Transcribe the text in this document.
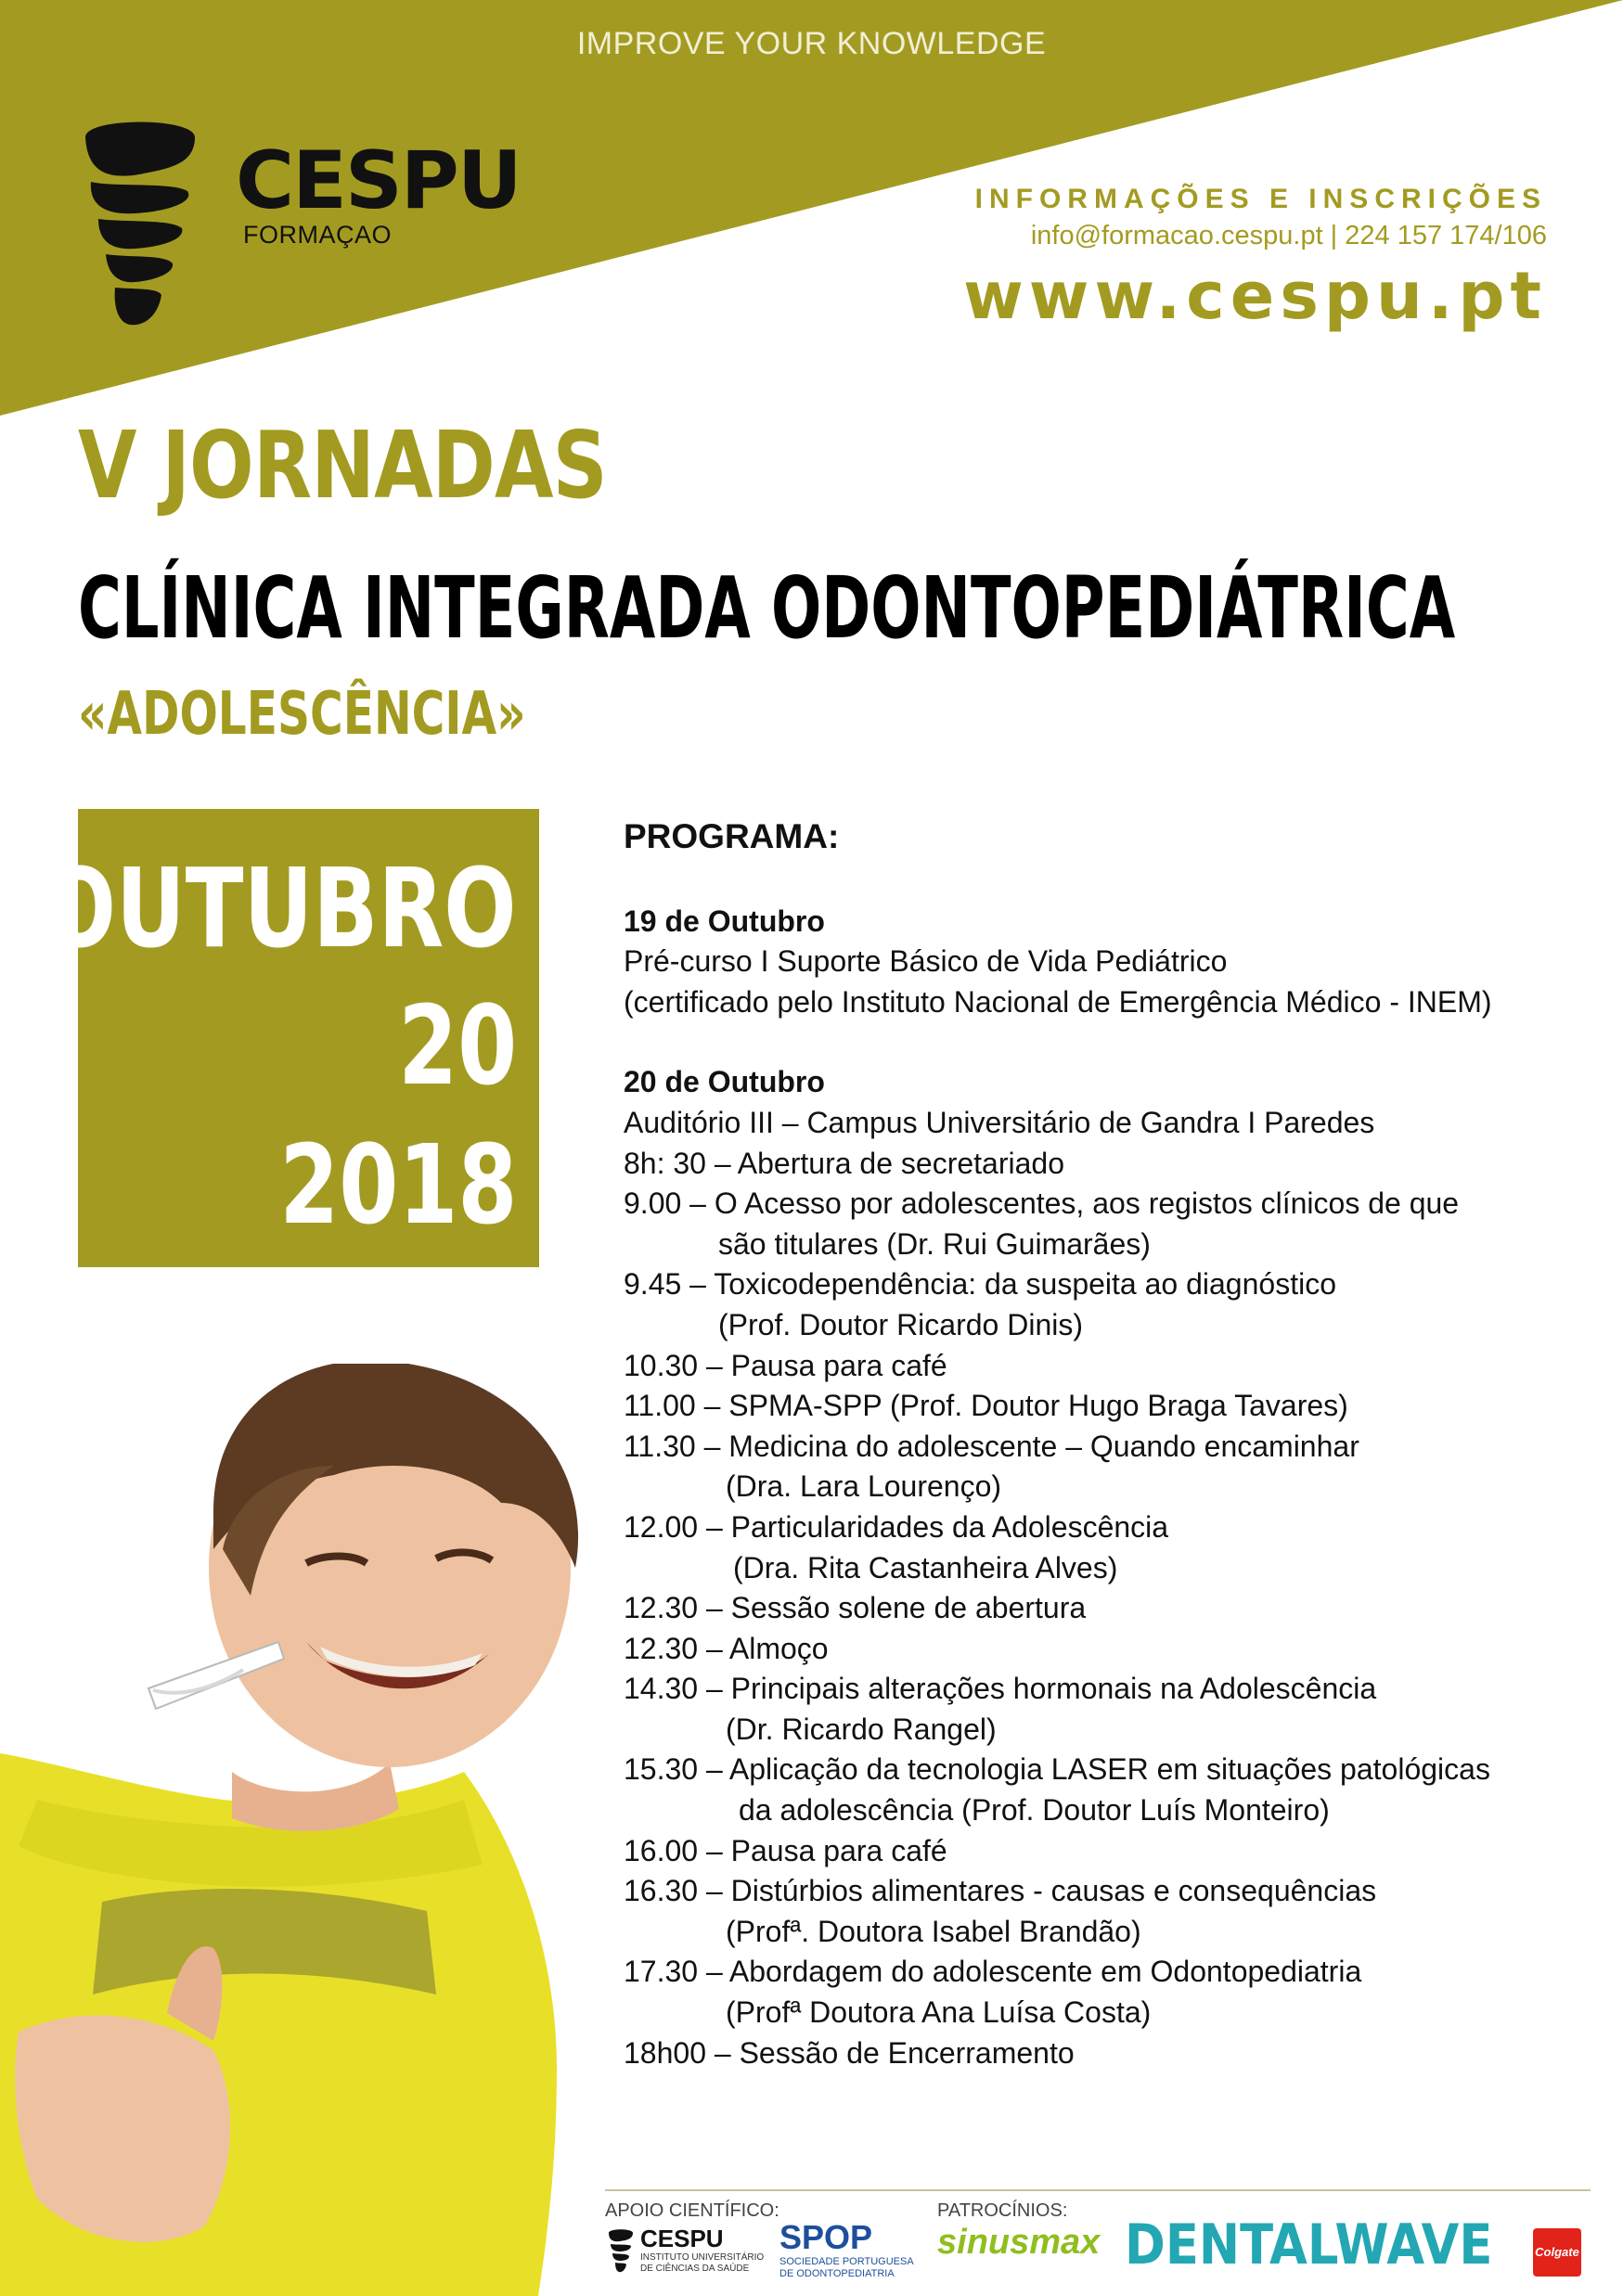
IMPROVE YOUR KNOWLEDGE
CESPU
FORMAÇAO
INFORMAÇÕES E INSCRIÇÕES
info@formacao.cespu.pt | 224 157 174/106
www.cespu.pt
V JORNADAS
CLÍNICA INTEGRADA ODONTOPEDIÁTRICA
«ADOLESCÊNCIA»
OUTUBRO
20
2018
PROGRAMA:
19 de Outubro
Pré-curso I Suporte Básico de Vida Pediátrico
(certificado pelo Instituto Nacional de Emergência Médico - INEM)
20 de Outubro
Auditório III – Campus Universitário de Gandra I Paredes
8h: 30 – Abertura de secretariado
9.00 – O Acesso por adolescentes, aos registos clínicos de que
são titulares (Dr. Rui Guimarães)
9.45 – Toxicodependência: da suspeita ao diagnóstico
(Prof. Doutor Ricardo Dinis)
10.30 – Pausa para café
11.00 – SPMA-SPP (Prof. Doutor Hugo Braga Tavares)
11.30 – Medicina do adolescente – Quando encaminhar
(Dra. Lara Lourenço)
12.00 – Particularidades da Adolescência
(Dra. Rita Castanheira Alves)
12.30 – Sessão solene de abertura
12.30 – Almoço
14.30 – Principais alterações hormonais na Adolescência
(Dr. Ricardo Rangel)
15.30 – Aplicação da tecnologia LASER em situações patológicas
da adolescência (Prof. Doutor Luís Monteiro)
16.00 – Pausa para café
16.30 – Distúrbios alimentares - causas e consequências
(Profª. Doutora Isabel Brandão)
17.30 – Abordagem do adolescente em Odontopediatria
(Profª Doutora Ana Luísa Costa)
18h00 – Sessão de Encerramento
APOIO CIENTÍFICO:
CESPU
INSTITUTO UNIVERSITÁRIO
DE CIÊNCIAS DA SAÚDE
SPOP
SOCIEDADE PORTUGUESA
DE ODONTOPEDIATRIA
PATROCÍNIOS:
sinusmax DENTALWAVE	Colgate
